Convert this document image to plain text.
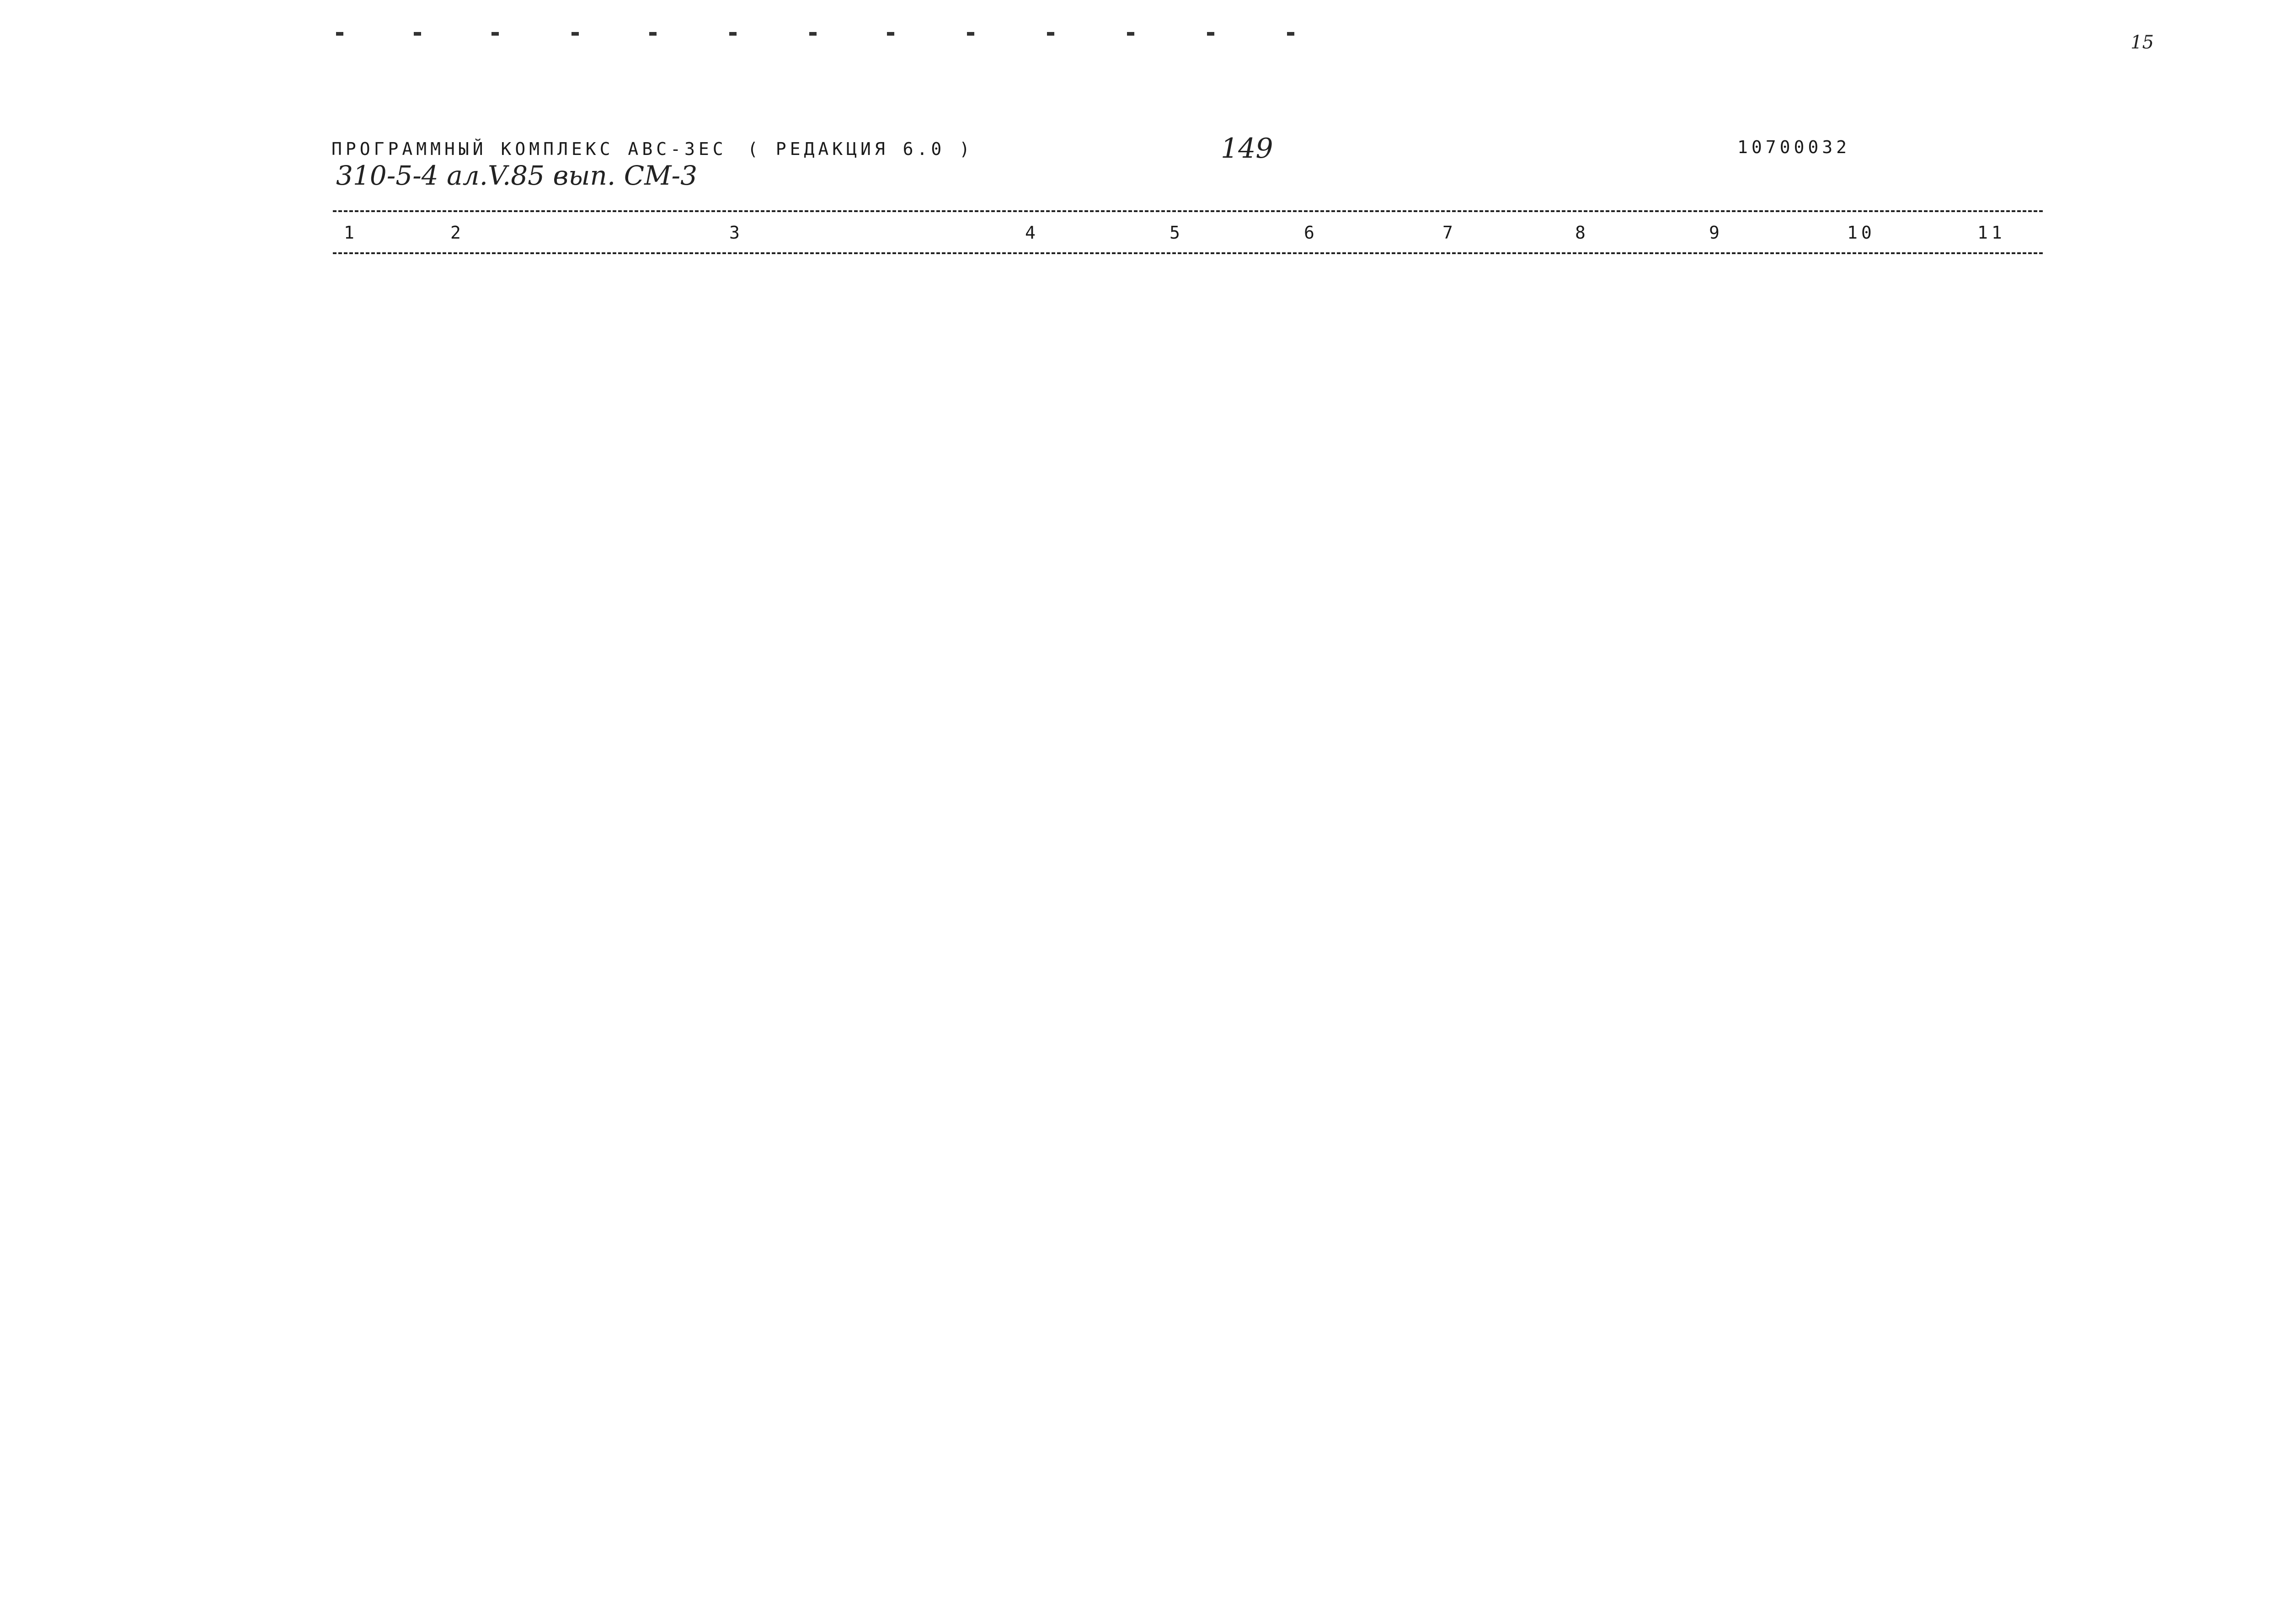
ПРОГРАММНЫЙ КОМПЛЕКС АВС-3ЕС ( РЕДАКЦИЯ 6.0 )	149	10700032
310-5-4 ал.V.85 вып. СМ-3
15
1	2	3	4	5	6	7	8	9	10	11
